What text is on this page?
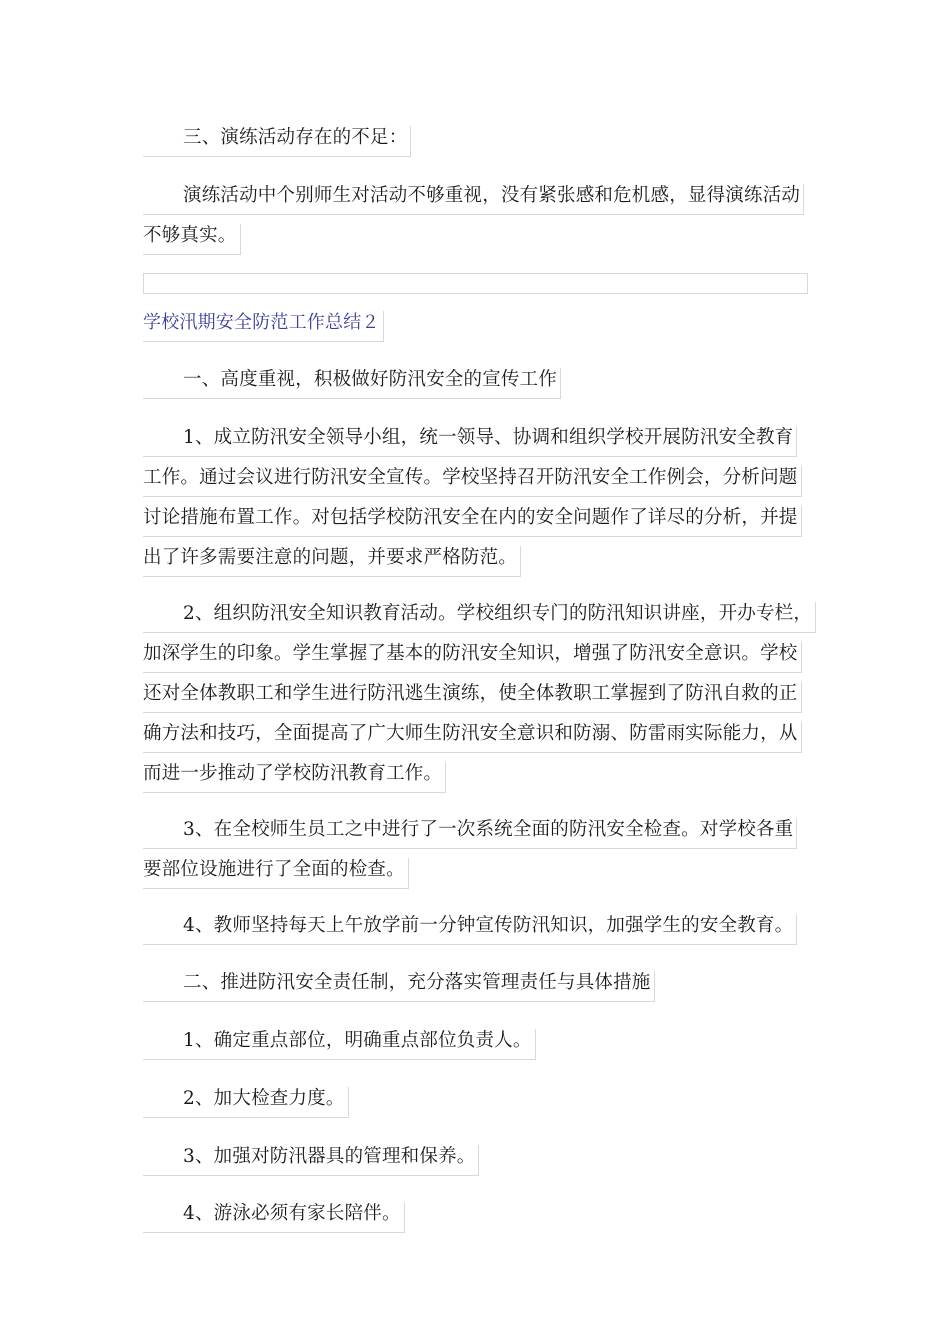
三、演练活动存在的不足：
演练活动中个别师生对活动不够重视，没有紧张感和危机感，显得演练活动
不够真实。
学校汛期安全防范工作总结２
一、高度重视，积极做好防汛安全的宣传工作
1、成立防汛安全领导小组，统一领导、协调和组织学校开展防汛安全教育
工作。通过会议进行防汛安全宣传。学校坚持召开防汛安全工作例会，分析问题
讨论措施布置工作。对包括学校防汛安全在内的安全问题作了详尽的分析，并提
出了许多需要注意的问题，并要求严格防范。
2、组织防汛安全知识教育活动。学校组织专门的防汛知识讲座，开办专栏，
加深学生的印象。学生掌握了基本的防汛安全知识，增强了防汛安全意识。学校
还对全体教职工和学生进行防汛逃生演练，使全体教职工掌握到了防汛自救的正
确方法和技巧，全面提高了广大师生防汛安全意识和防溺、防雷雨实际能力，从
而进一步推动了学校防汛教育工作。
3、在全校师生员工之中进行了一次系统全面的防汛安全检查。对学校各重
要部位设施进行了全面的检查。
4、教师坚持每天上午放学前一分钟宣传防汛知识，加强学生的安全教育。
二、推进防汛安全责任制，充分落实管理责任与具体措施
1、确定重点部位，明确重点部位负责人。
2、加大检查力度。
3、加强对防汛器具的管理和保养。
4、游泳必须有家长陪伴。
